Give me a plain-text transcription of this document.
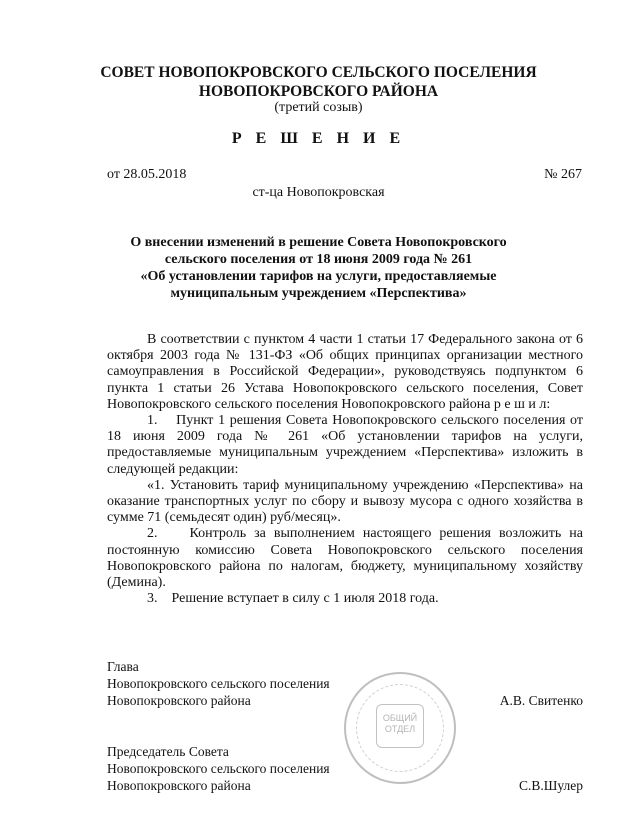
СОВЕТ НОВОПОКРОВСКОГО СЕЛЬСКОГО ПОСЕЛЕНИЯ
НОВОПОКРОВСКОГО РАЙОНА
(третий созыв)
Р Е Ш Е Н И Е
от 28.05.2018	№ 267
ст-ца Новопокровская
О внесении изменений в решение Совета Новопокровского
сельского поселения от 18 июня 2009 года № 261
«Об установлении тарифов на услуги, предоставляемые
муниципальным учреждением «Перспектива»

В соответствии с пунктом 4 части 1 статьи 17 Федерального закона от 6 октября 2003 года № 131-ФЗ «Об общих принципах организации местного самоуправления в Российской Федерации», руководствуясь подпунктом 6 пункта 1 статьи 26 Устава Новопокровского сельского поселения, Совет Новопокровского сельского поселения Новопокровского района р е ш и л:

1.    Пункт 1 решения Совета Новопокровского сельского поселения от 18 июня 2009 года № 261 «Об установлении тарифов на услуги, предоставляемые муниципальным учреждением «Перспектива» изложить в следующей редакции:

«1. Установить тариф муниципальному учреждению «Перспектива» на оказание транспортных услуг по сбору и вывозу мусора с одного хозяйства в сумме 71 (семьдесят один) руб/месяц».

2.    Контроль за выполнением настоящего решения возложить на постоянную комиссию Совета Новопокровского сельского поселения Новопокровского района по налогам, бюджету, муниципальному хозяйству (Демина).

3.    Решение вступает в силу с 1 июля 2018 года.

ОБЩИЙ
ОТДЕЛ
Глава
Новопокровского сельского поселения
Новопокровского района	А.В. Свитенко
Председатель Совета
Новопокровского сельского поселения
Новопокровского района	С.В.Шулер
